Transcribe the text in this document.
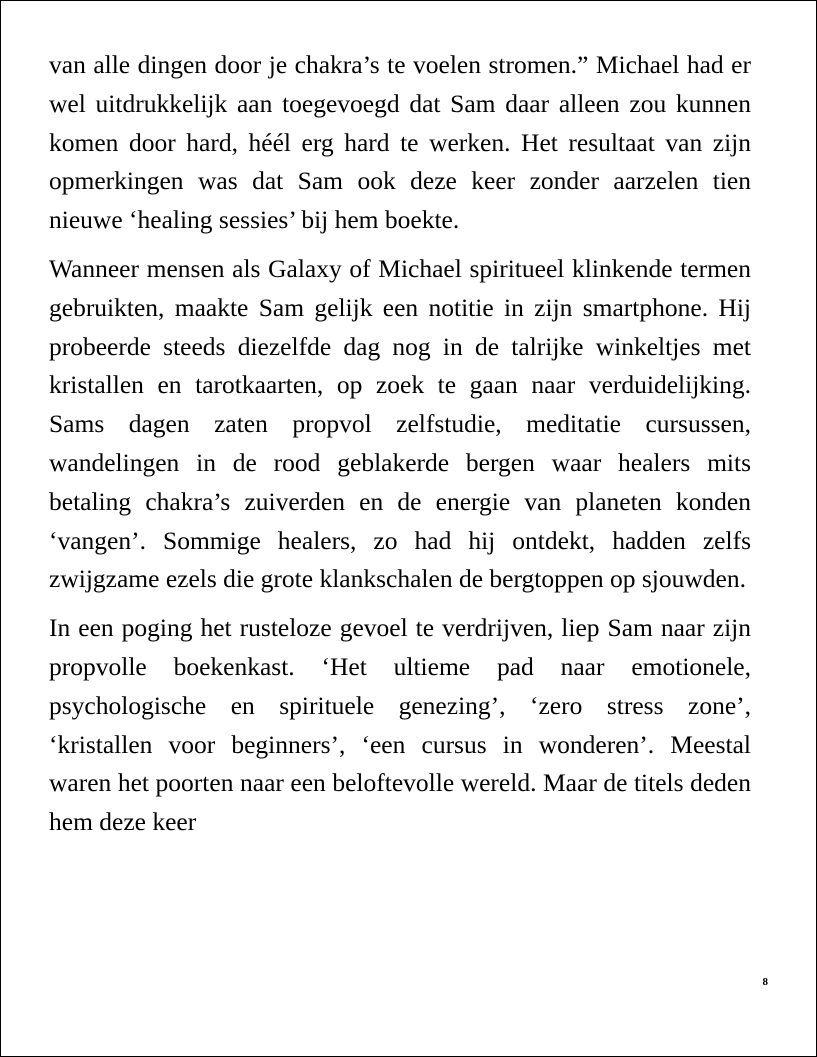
van alle dingen door je chakra’s te voelen stromen.” Michael had er wel uitdrukkelijk aan toegevoegd dat Sam daar alleen zou kunnen komen door hard, héél erg hard te werken. Het resultaat van zijn opmerkingen was dat Sam ook deze keer zonder aarzelen tien nieuwe ‘healing sessies’ bij hem boekte.

Wanneer mensen als Galaxy of Michael spiritueel klinkende termen gebruikten, maakte Sam gelijk een notitie in zijn smartphone. Hij probeerde steeds diezelfde dag nog in de talrijke winkeltjes met kristallen en tarotkaarten, op zoek te gaan naar verduidelijking. Sams dagen zaten propvol zelfstudie, meditatie cursussen, wandelingen in de rood geblakerde bergen waar healers mits betaling chakra’s zuiverden en de energie van planeten konden ‘vangen’. Sommige healers, zo had hij ontdekt, hadden zelfs zwijgzame ezels die grote klankschalen de bergtoppen op sjouwden.

In een poging het rusteloze gevoel te verdrijven, liep Sam naar zijn propvolle boekenkast. ‘Het ultieme pad naar emotionele, psychologische en spirituele genezing’, ‘zero stress zone’, ‘kristallen voor beginners’, ‘een cursus in wonderen’. Meestal waren het poorten naar een beloftevolle wereld. Maar de titels deden hem deze keer

8
